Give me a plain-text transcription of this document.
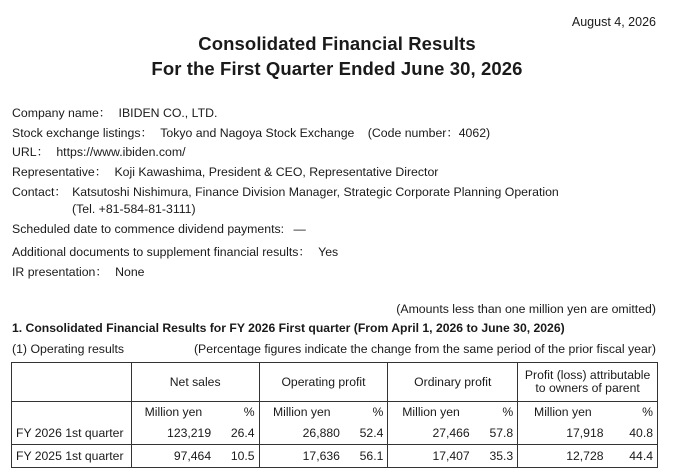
August 4, 2026
Consolidated Financial Results
For the First Quarter Ended June 30, 2026
Company name： IBIDEN CO., LTD.
Stock exchange listings： Tokyo and Nagoya Stock Exchange (Code number：4062)
URL： https://www.ibiden.com/
Representative： Koji Kawashima, President & CEO, Representative Director
Contact： Katsutoshi Nishimura, Finance Division Manager, Strategic Corporate Planning Operation
(Tel. +81-584-81-3111)
Scheduled date to commence dividend payments: —
Additional documents to supplement financial results： Yes
IR presentation： None
(Amounts less than one million yen are omitted)
1. Consolidated Financial Results for FY 2026 First quarter (From April 1, 2026 to June 30, 2026)
(1) Operating results	(Percentage figures indicate the change from the same period of the prior fiscal year)
	Net sales		Operating profit		Ordinary profit		Profit (loss) attributable
to owners of parent	

	Million yen	%	Million yen	%	Million yen	%	Million yen	%
FY 2026 1st quarter	123,219	26.4	26,880	52.4	27,466	57.8	17,918	40.8
FY 2025 1st quarter	97,464	10.5	17,636	56.1	17,407	35.3	12,728	44.4
